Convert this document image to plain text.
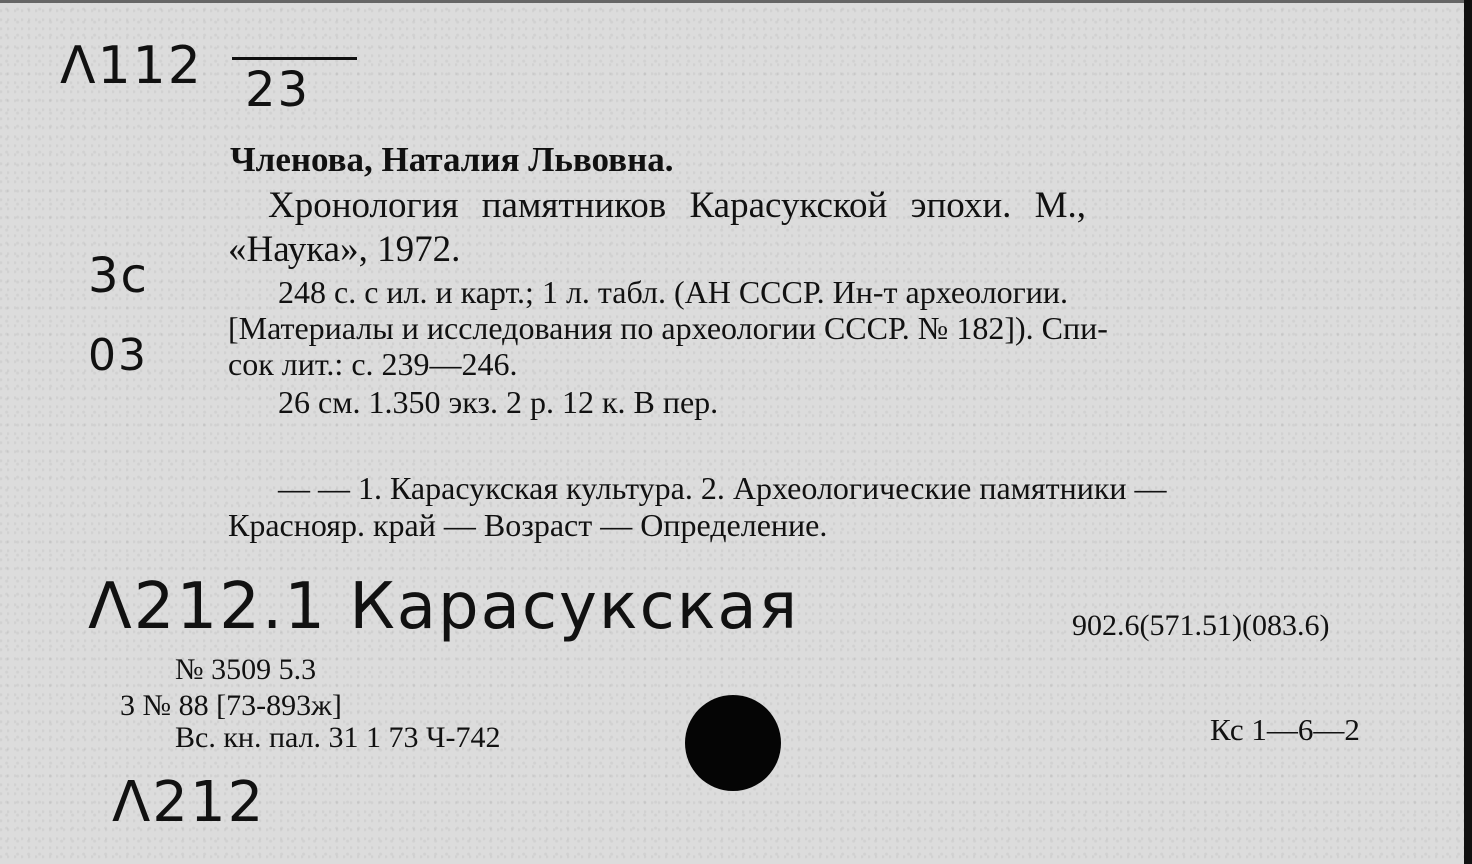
Λ112 23
Членова, Наталия Львовна.
Хронология памятников Карасукской эпохи. М.,
«Наука», 1972.
3с
03
248 с. с ил. и карт.; 1 л. табл. (АН СССР. Ин-т археологии.
[Материалы и исследования по археологии СССР. № 182]). Спи-
сок лит.: с. 239—246.
26 см. 1.350 экз. 2 р. 12 к. В пер.
— — 1. Карасукская культура. 2. Археологические памятники —
Краснояр. край — Возраст — Определение.
Λ212.1 Карасукская	902.6(571.51)(083.6)
№ 3509 5.3
3 № 88 [73-893ж]
Вс. кн. пал. 31 1 73 Ч-742	Кс 1—6—2
Λ212
